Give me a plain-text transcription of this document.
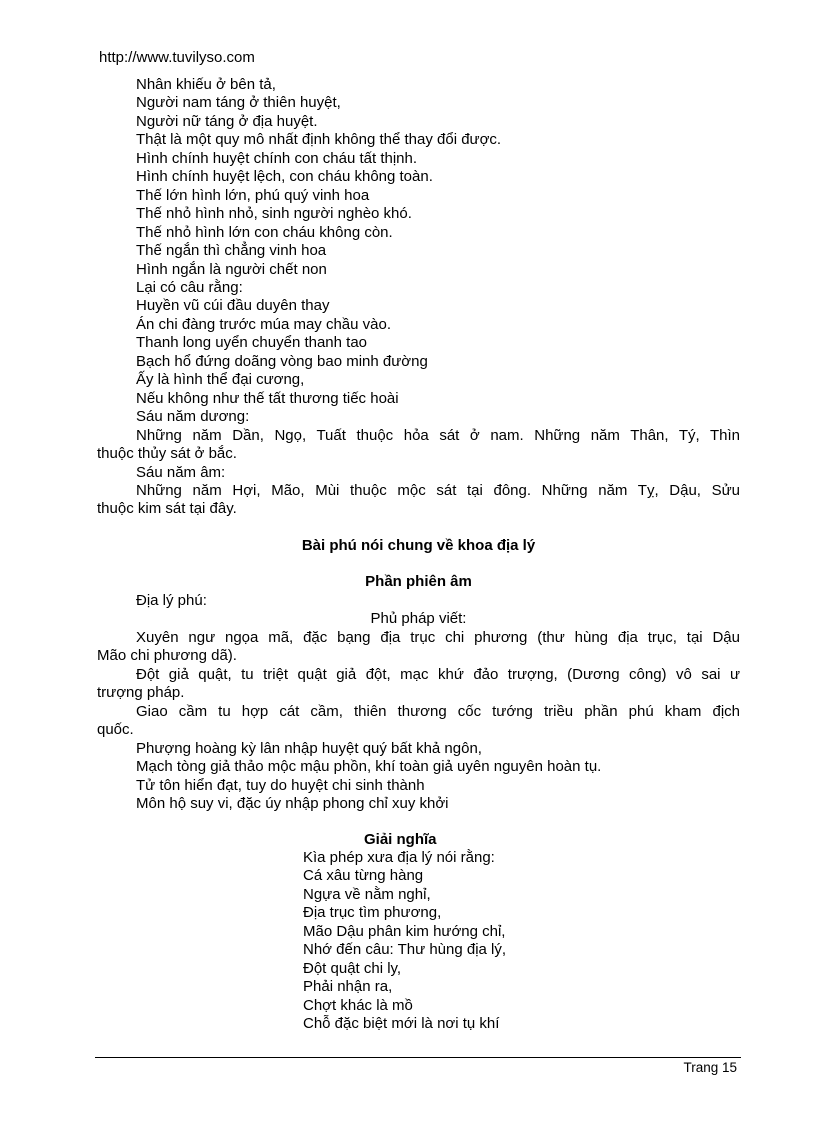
http://www.tuvilyso.com
Nhân khiếu ở bên tả,
Người nam táng ở thiên huyệt,
Người nữ táng ở địa huyệt.
Thật là một quy mô nhất định không thể thay đổi được.
Hình chính huyệt chính con cháu tất thịnh.
Hình chính huyệt lệch, con cháu không toàn.
Thế lớn hình lớn, phú quý vinh hoa
Thế nhỏ hình nhỏ, sinh người nghèo khó.
Thế nhỏ hình lớn con cháu không còn.
Thế ngắn thì chẳng vinh hoa
Hình ngắn là người chết non
Lại có câu rằng:
Huyền vũ cúi đầu duyên thay
Án chi đàng trước múa may chầu vào.
Thanh long uyển chuyển thanh tao
Bạch hổ đứng doãng vòng bao minh đường
Ấy là hình thể đại cương,
Nếu không như thế tất thương tiếc hoài
Sáu năm dương:
Những năm Dần, Ngọ, Tuất thuộc hỏa sát ở nam. Những năm Thân, Tý, Thìn
thuộc thủy sát ở bắc.
Sáu năm âm:
Những năm Hợi, Mão, Mùi thuộc mộc sát tại đông. Những năm Tỵ, Dậu, Sửu
thuộc kim sát tại đây.
Bài phú nói chung về khoa địa lý
Phần phiên âm
Địa lý phú:
Phủ pháp viết:
Xuyên ngư ngọa mã, đặc bạng địa trục chi phương (thư hùng địa trục, tại Dậu
Mão chi phương dã).
Đột giả quật, tu triệt quật giả đột, mạc khứ đảo trượng, (Dương công) vô sai ư
trượng pháp.
Giao cầm tu hợp cát cầm, thiên thương cốc tướng triều phần phú kham địch
quốc.
Phượng hoàng kỳ lân nhập huyệt quý bất khả ngôn,
Mạch tòng giả thảo mộc mậu phồn, khí toàn giả uyên nguyên hoàn tụ.
Tử tôn hiển đạt, tuy do huyệt chi sinh thành
Môn hộ suy vi, đặc úy nhập phong chỉ xuy khởi
Giải nghĩa
Kìa phép xưa địa lý nói rằng:
Cá xâu từng hàng
Ngựa về nằm nghỉ,
Địa trục tìm phương,
Mão Dậu phân kim hướng chỉ,
Nhớ đến câu: Thư hùng địa lý,
Đột quật chi ly,
Phải nhận ra,
Chợt khác là mồ
Chỗ đặc biệt mới là nơi tụ khí
Trang 15
